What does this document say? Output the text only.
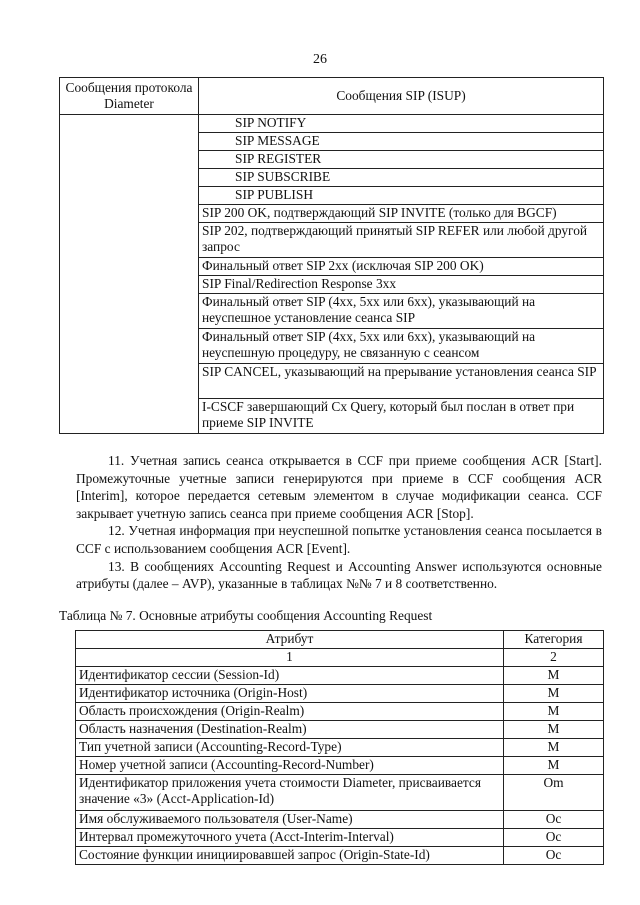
26
Сообщения протокола Diameter	Сообщения SIP (ISUP)
	SIP NOTIFY
	SIP MESSAGE
	SIP REGISTER
	SIP SUBSCRIBE
	SIP PUBLISH
	SIP 200 OK, подтверждающий SIP INVITE (только для BGCF)
	SIP 202, подтверждающий принятый SIP REFER или любой другой запрос
	Финальный ответ SIP 2xx (исключая SIP 200 OK)
	SIP Final/Redirection Response 3xx
	Финальный ответ SIP (4xx, 5xx или 6xx), указывающий на неуспешное установление сеанса SIP
	Финальный ответ SIP (4xx, 5xx или 6xx), указывающий на неуспешную процедуру, не связанную с сеансом
	SIP CANCEL, указывающий на прерывание установления сеанса SIP
	I-CSCF завершающий Cx Query, который был послан в ответ при приеме SIP INVITE

11. Учетная запись сеанса открывается в CCF при приеме сообщения ACR [Start]. Промежуточные учетные записи генерируются при приеме в CCF сообщения ACR [Interim], которое передается сетевым элементом в случае модификации сеанса. CCF закрывает учетную запись сеанса при приеме сообщения ACR [Stop].

12. Учетная информация при неуспешной попытке установления сеанса посылается в CCF с использованием сообщения ACR [Event].

13. В сообщениях Accounting Request и Accounting Answer используются основные атрибуты (далее – AVP), указанные в таблицах №№ 7 и 8 соответственно.

Таблица № 7. Основные атрибуты сообщения Accounting Request
Атрибут	Категория
1	2
Идентификатор сессии (Session-Id)	M
Идентификатор источника (Origin-Host)	M
Область происхождения (Origin-Realm)	M
Область назначения (Destination-Realm)	M
Тип учетной записи (Accounting-Record-Type)	M
Номер учетной записи (Accounting-Record-Number)	M
Идентификатор приложения учета стоимости Diameter, присваивается значение «3» (Acct-Application-Id)	Om
Имя обслуживаемого пользователя (User-Name)	Oc
Интервал промежуточного учета (Acct-Interim-Interval)	Oc
Состояние функции инициировавшей запрос (Origin-State-Id)	Oc
